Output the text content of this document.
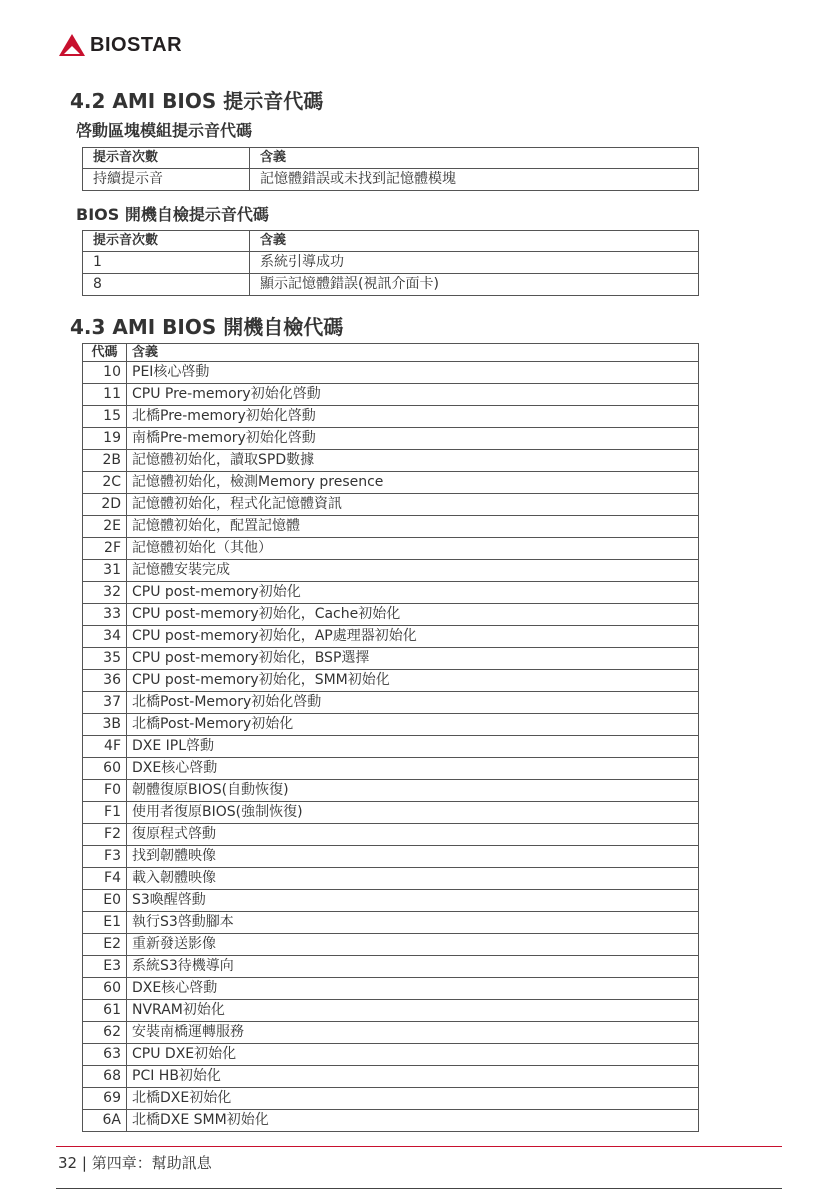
BIOSTAR
4.2 AMI BIOS 提示音代碼
啓動區塊模組提示音代碼
提示音次數	含義
持續提示音	記憶體錯誤或未找到記憶體模塊
BIOS 開機自檢提示音代碼
提示音次數	含義
1	系統引導成功
8	顯示記憶體錯誤(視訊介面卡)
4.3 AMI BIOS 開機自檢代碼
代碼	含義
10	PEI核心啓動
11	CPU Pre-memory初始化啓動
15	北橋Pre-memory初始化啓動
19	南橋Pre-memory初始化啓動
2B	記憶體初始化，讀取SPD數據
2C	記憶體初始化，檢測Memory presence
2D	記憶體初始化，程式化記憶體資訊
2E	記憶體初始化，配置記憶體
2F	記憶體初始化（其他）
31	記憶體安裝完成
32	CPU post-memory初始化
33	CPU post-memory初始化，Cache初始化
34	CPU post-memory初始化，AP處理器初始化
35	CPU post-memory初始化，BSP選擇
36	CPU post-memory初始化，SMM初始化
37	北橋Post-Memory初始化啓動
3B	北橋Post-Memory初始化
4F	DXE IPL啓動
60	DXE核心啓動
F0	韌體復原BIOS(自動恢復)
F1	使用者復原BIOS(強制恢復)
F2	復原程式啓動
F3	找到韌體映像
F4	載入韌體映像
E0	S3喚醒啓動
E1	執行S3啓動腳本
E2	重新發送影像
E3	系統S3待機導向
60	DXE核心啓動
61	NVRAM初始化
62	安裝南橋運轉服務
63	CPU DXE初始化
68	PCI HB初始化
69	北橋DXE初始化
6A	北橋DXE SMM初始化
32 | 第四章：幫助訊息
